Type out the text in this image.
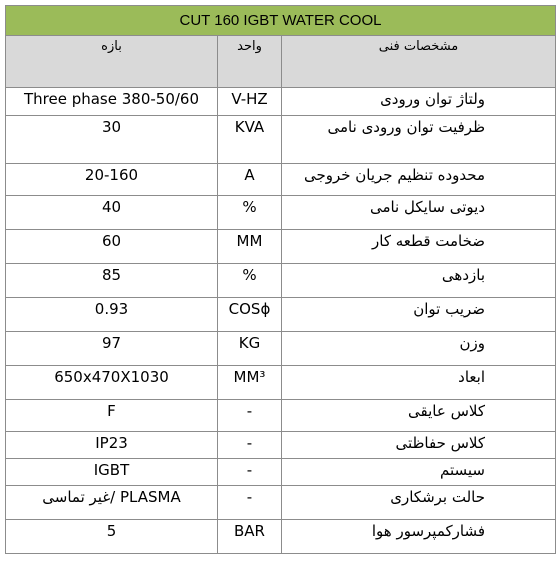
CUT 160 IGBT WATER COOL		
بازه	واحد	مشخصات فنی
Three phase 380-50/60	V-HZ	ولتاژ توان ورودی
30	KVA	ظرفیت توان ورودی نامی
20-160	A	محدوده تنظیم جریان خروجی
40	%	دیوتی سایکل نامی
60	MM	ضخامت قطعه کار
85	%	بازدهی
0.93	COSϕ	ضریب توان
97	KG	وزن
650x470X1030	MM³	ابعاد
F	-	کلاس عایقی
IP23	-	کلاس حفاظتی
IGBT	-	سیستم
PLASMA /غیر تماسی	-	حالت برشکاری
5	BAR	فشارکمپرسور هوا
